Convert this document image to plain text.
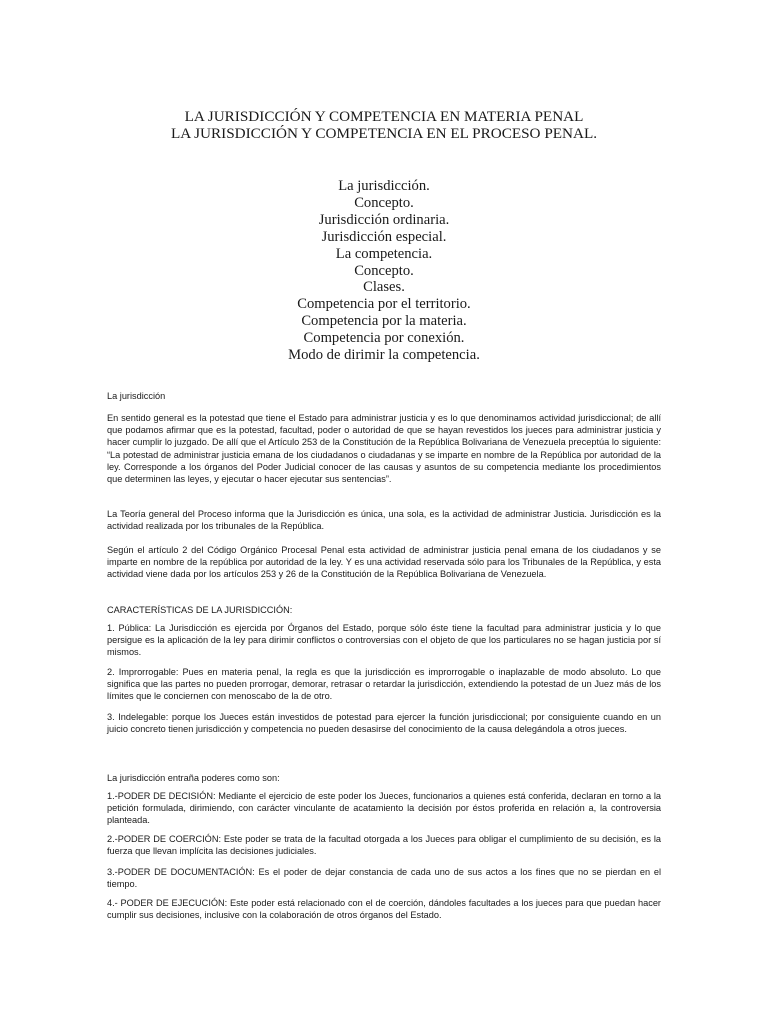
LA JURISDICCIÓN Y COMPETENCIA EN MATERIA PENAL
LA JURISDICCIÓN Y COMPETENCIA EN EL PROCESO PENAL.
La jurisdicción.
Concepto.
Jurisdicción ordinaria.
Jurisdicción especial.
La competencia.
Concepto.
Clases.
Competencia por el territorio.
Competencia por la materia.
Competencia por conexión.
Modo de dirimir la competencia.
La jurisdicción

En sentido general es la potestad que tiene el Estado para administrar justicia y es lo que denominamos actividad jurisdiccional; de allí que podamos afirmar que es la potestad, facultad, poder o autoridad de que se hayan revestidos los jueces para administrar justicia y hacer cumplir lo juzgado. De allí que el Artículo 253 de la Constitución de la República Bolivariana de Venezuela preceptúa lo siguiente: “La potestad de administrar justicia emana de los ciudadanos o ciudadanas y se imparte en nombre de la República por autoridad de la ley. Corresponde a los órganos del Poder Judicial conocer de las causas y asuntos de su competencia mediante los procedimientos que determinen las leyes, y ejecutar o hacer ejecutar sus sentencias”.

La Teoría general del Proceso informa que la Jurisdicción es única, una sola, es la actividad de administrar Justicia. Jurisdicción es la actividad realizada por los tribunales de la República.

Según el artículo 2 del Código Orgánico Procesal Penal esta actividad de administrar justicia penal emana de los ciudadanos y se imparte en nombre de la república por autoridad de la ley. Y es una actividad reservada sólo para los Tribunales de la República, y esta actividad viene dada por los artículos 253 y 26 de la Constitución de la República Bolivariana de Venezuela.

CARACTERÍSTICAS DE LA JURISDICCIÓN:

1. Pública: La Jurisdicción es ejercida por Órganos del Estado, porque sólo éste tiene la facultad para administrar justicia y lo que persigue es la aplicación de la ley para dirimir conflictos o controversias con el objeto de que los particulares no se hagan justicia por sí mismos.

2. Improrrogable: Pues en materia penal, la regla es que la jurisdicción es improrrogable o inaplazable de modo absoluto. Lo que significa que las partes no pueden prorrogar, demorar, retrasar o retardar la jurisdicción, extendiendo la potestad de un Juez más de los límites que le conciernen con menoscabo de la de otro.

3. Indelegable: porque los Jueces están investidos de potestad para ejercer la función jurisdiccional; por consiguiente cuando en un juicio concreto tienen jurisdicción y competencia no pueden desasirse del conocimiento de la causa delegándola a otros jueces.

La jurisdicción entraña poderes como son:

1.-PODER DE DECISIÓN: Mediante el ejercicio de este poder los Jueces, funcionarios a quienes está conferida, declaran en torno a la petición formulada, dirimiendo, con carácter vinculante de acatamiento la decisión por éstos proferida en relación a, la controversia planteada.

2.-PODER DE COERCIÓN: Este poder se trata de la facultad otorgada a los Jueces para obligar el cumplimiento de su decisión, es la fuerza que llevan implícita las decisiones judiciales.

3.-PODER DE DOCUMENTACIÓN: Es el poder de dejar constancia de cada uno de sus actos a los fines que no se pierdan en el tiempo.

4.- PODER DE EJECUCIÓN: Este poder está relacionado con el de coerción, dándoles facultades a los jueces para que puedan hacer cumplir sus decisiones, inclusive con la colaboración de otros órganos del Estado.
